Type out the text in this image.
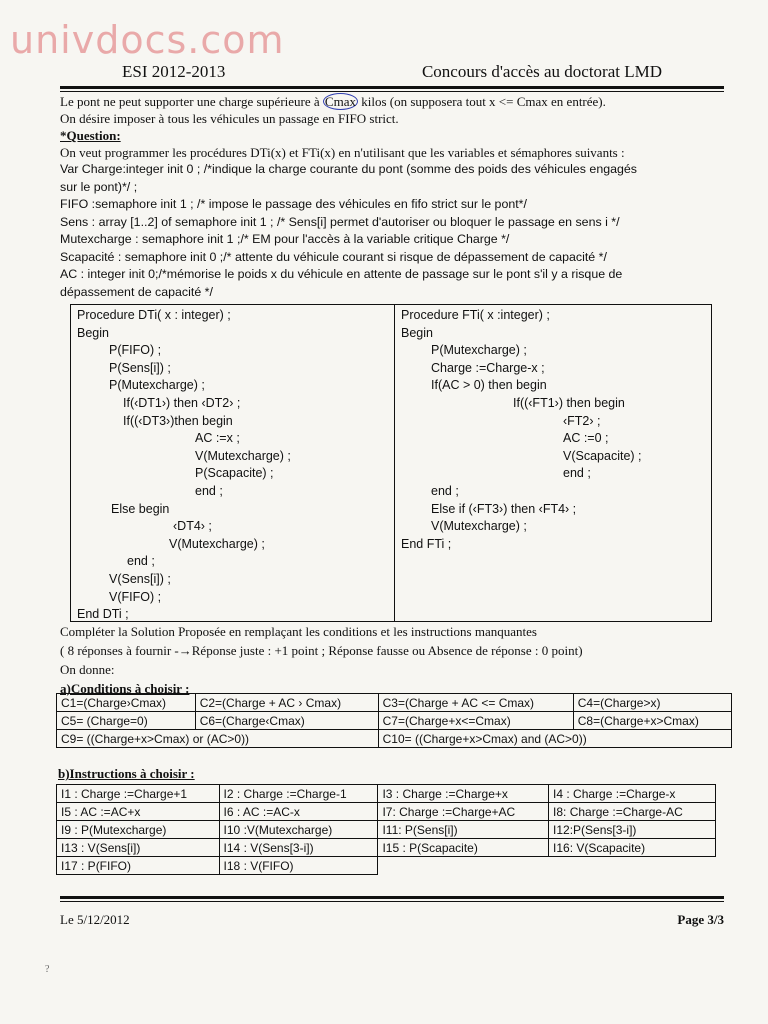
univdocs.com
ESI 2012-2013	Concours d'accès au doctorat LMD
Le pont ne peut supporter une charge supérieure à Cmax kilos (on supposera tout x <= Cmax en entrée).
On désire imposer à tous les véhicules un passage en FIFO strict.
*Question:
On veut programmer les procédures DTi(x) et FTi(x) en n'utilisant que les variables et sémaphores suivants :
Var Charge:integer init 0 ; /*indique la charge courante du pont (somme des poids des véhicules engagés
sur le pont)*/ ;
FIFO :semaphore init 1 ; /* impose le passage des véhicules en fifo strict sur le pont*/
Sens : array [1..2] of semaphore init 1 ; /* Sens[i] permet d'autoriser ou bloquer le passage en sens i */
Mutexcharge : semaphore init 1 ;/* EM pour l'accès à la variable critique Charge */
Scapacité : semaphore init 0 ;/* attente du véhicule courant si risque de dépassement de capacité */
AC : integer init 0;/*mémorise le poids x du véhicule en attente de passage sur le pont s'il y a risque de
dépassement de capacité */
Procedure DTi( x : integer) ;
Begin
P(FIFO) ;
P(Sens[i]) ;
P(Mutexcharge) ;
If(‹DT1›) then ‹DT2› ;
If((‹DT3›)then begin
AC :=x ;
V(Mutexcharge) ;
P(Scapacite) ;
end ;
Else begin
‹DT4› ;
V(Mutexcharge) ;
end ;
V(Sens[i]) ;
V(FIFO) ;
End DTi ;
Procedure FTi( x :integer) ;
Begin
P(Mutexcharge) ;
Charge :=Charge-x ;
If(AC > 0) then begin
If((‹FT1›) then begin
‹FT2› ;
AC :=0 ;
V(Scapacite) ;
end ;
end ;
Else if (‹FT3›) then ‹FT4› ;
V(Mutexcharge) ;
End FTi ;
Compléter la Solution Proposée en remplaçant les conditions et les instructions manquantes
( 8 réponses à fournir -→Réponse juste : +1 point ; Réponse fausse ou Absence de réponse : 0 point)
On donne:
a)Conditions à choisir :
C1=(Charge›Cmax)	C2=(Charge + AC › Cmax)	C3=(Charge + AC <= Cmax)	C4=(Charge>x)
C5= (Charge=0)	C6=(Charge‹Cmax)	C7=(Charge+x<=Cmax)	C8=(Charge+x>Cmax)
C9= ((Charge+x>Cmax) or (AC>0))		C10= ((Charge+x>Cmax) and (AC>0))	
b)Instructions à choisir :
I1 : Charge :=Charge+1	I2 : Charge :=Charge-1	I3 : Charge :=Charge+x	I4 : Charge :=Charge-x
I5 : AC :=AC+x	I6 : AC :=AC-x	I7: Charge :=Charge+AC	I8: Charge :=Charge-AC
I9 : P(Mutexcharge)	I10 :V(Mutexcharge)	I11: P(Sens[i])	I12:P(Sens[3-i])
I13 : V(Sens[i])	I14 : V(Sens[3-i])	I15 : P(Scapacite)	I16: V(Scapacite)
I17 : P(FIFO)	I18 : V(FIFO)		
Le 5/12/2012	Page 3/3
?
